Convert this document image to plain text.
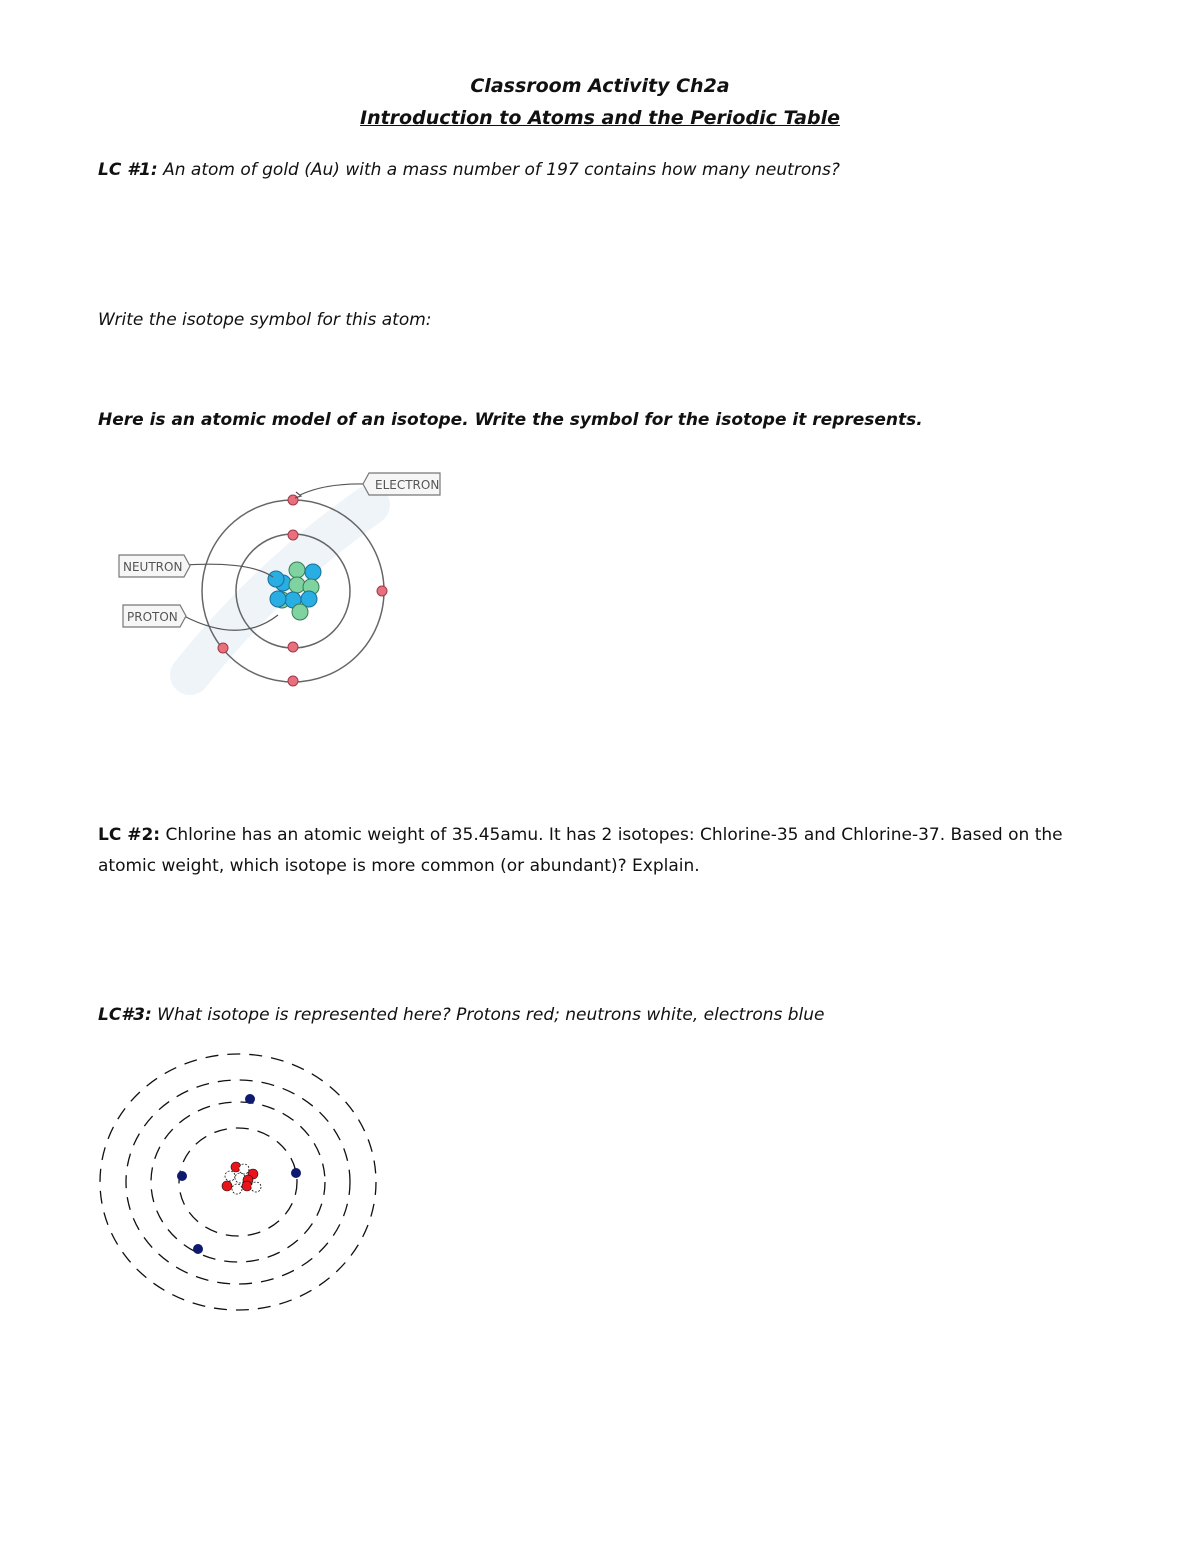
Classroom Activity Ch2a
Introduction to Atoms and the Periodic Table
LC #1: An atom of gold (Au) with a mass number of 197 contains how many neutrons?
Write the isotope symbol for this atom:
Here is an atomic model of an isotope. Write the symbol for the isotope it represents.
ELECTRON
NEUTRON
PROTON
LC #2: Chlorine has an atomic weight of 35.45amu. It has 2 isotopes: Chlorine-35 and Chlorine-37. Based on the atomic weight, which isotope is more common (or abundant)? Explain.
LC#3: What isotope is represented here? Protons red; neutrons white, electrons blue
